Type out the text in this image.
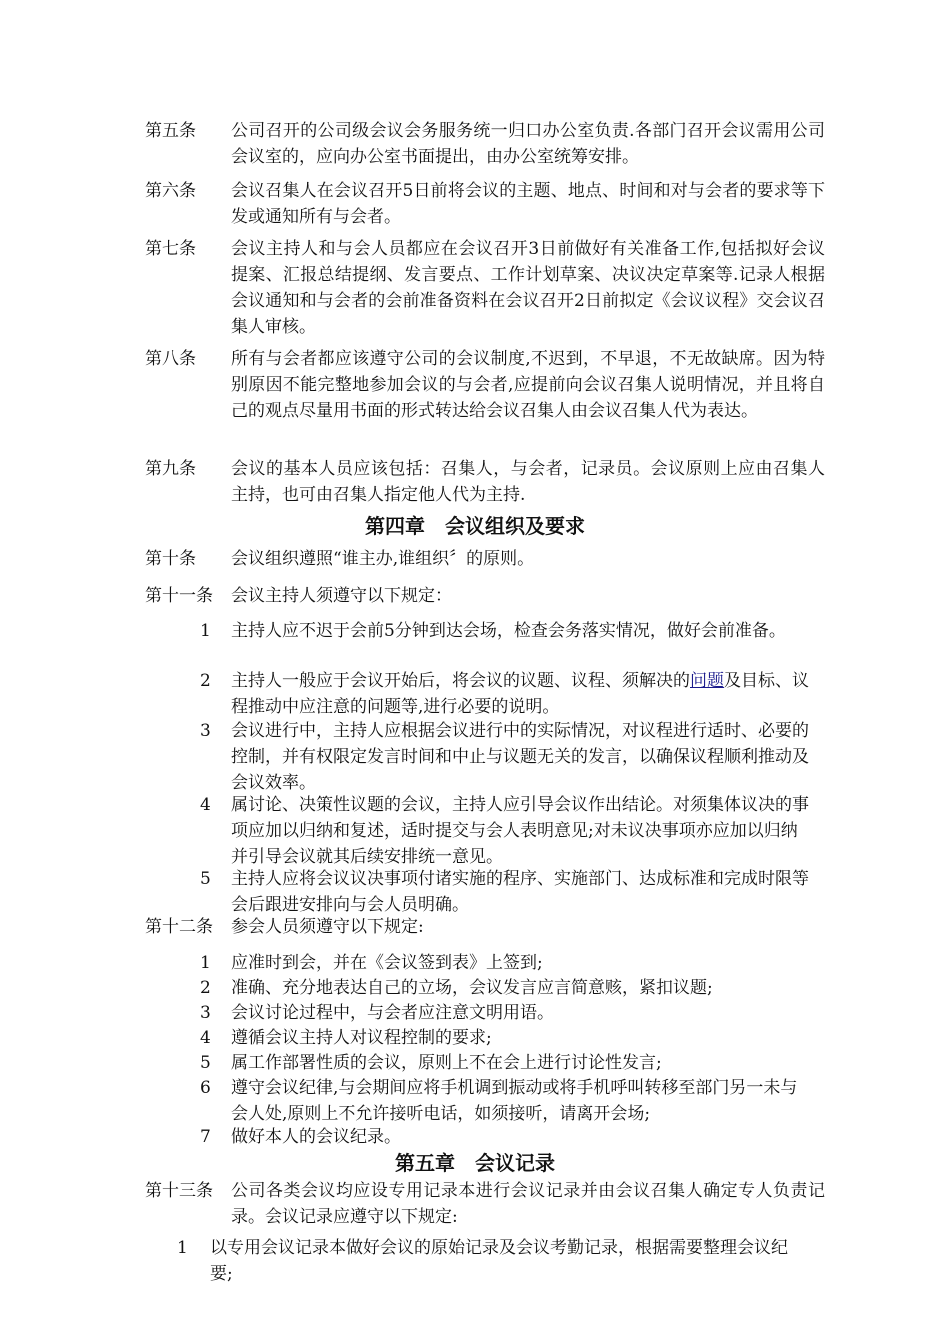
第五条 公司召开的公司级会议会务服务统一归口办公室负责.各部门召开会议需用公司会议室的，应向办公室书面提出，由办公室统筹安排。
第六条 会议召集人在会议召开5日前将会议的主题、地点、时间和对与会者的要求等下发或通知所有与会者。
第七条 会议主持人和与会人员都应在会议召开3日前做好有关准备工作,包括拟好会议提案、汇报总结提纲、发言要点、工作计划草案、决议决定草案等.记录人根据会议通知和与会者的会前准备资料在会议召开2日前拟定《会议议程》交会议召集人审核。
第八条 所有与会者都应该遵守公司的会议制度,不迟到，不早退，不无故缺席。因为特别原因不能完整地参加会议的与会者,应提前向会议召集人说明情况，并且将自己的观点尽量用书面的形式转达给会议召集人由会议召集人代为表达。
第九条 会议的基本人员应该包括：召集人，与会者，记录员。会议原则上应由召集人主持，也可由召集人指定他人代为主持.
第四章 会议组织及要求
第十条 会议组织遵照“谁主办,谁组织〞的原则。
第十一条 会议主持人须遵守以下规定：
1	主持人应不迟于会前5分钟到达会场，检查会务落实情况，做好会前准备。
2	主持人一般应于会议开始后，将会议的议题、议程、须解决的问题及目标、议程推动中应注意的问题等,进行必要的说明。
3	会议进行中，主持人应根据会议进行中的实际情况，对议程进行适时、必要的控制，并有权限定发言时间和中止与议题无关的发言，以确保议程顺利推动及会议效率。
4	属讨论、决策性议题的会议，主持人应引导会议作出结论。对须集体议决的事项应加以归纳和复述，适时提交与会人表明意见;对未议决事项亦应加以归纳并引导会议就其后续安排统一意见。
5	主持人应将会议议决事项付诸实施的程序、实施部门、达成标准和完成时限等会后跟进安排向与会人员明确。
第十二条 参会人员须遵守以下规定:
1	应准时到会，并在《会议签到表》上签到;
2	准确、充分地表达自己的立场，会议发言应言简意赅，紧扣议题;
3	会议讨论过程中，与会者应注意文明用语。
4	遵循会议主持人对议程控制的要求;
5	属工作部署性质的会议，原则上不在会上进行讨论性发言;
6	遵守会议纪律,与会期间应将手机调到振动或将手机呼叫转移至部门另一未与会人处,原则上不允许接听电话，如须接听，请离开会场;
7	做好本人的会议纪录。
第五章 会议记录
第十三条 公司各类会议均应设专用记录本进行会议记录并由会议召集人确定专人负责记录。会议记录应遵守以下规定:
1 以专用会议记录本做好会议的原始记录及会议考勤记录，根据需要整理会议纪要;
